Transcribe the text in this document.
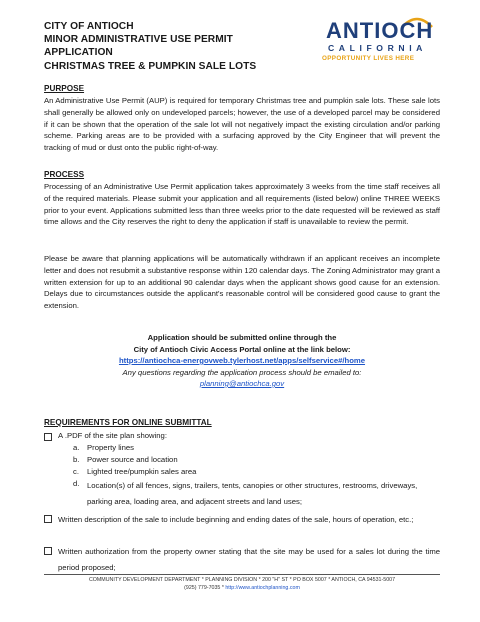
CITY OF ANTIOCH
MINOR ADMINISTRATIVE USE PERMIT APPLICATION
CHRISTMAS TREE & PUMPKIN SALE LOTS
ANTIOCH
CALIFORNIA
OPPORTUNITY LIVES HERE
PURPOSE
An Administrative Use Permit (AUP) is required for temporary Christmas tree and pumpkin sale lots. These sale lots shall generally be allowed only on undeveloped parcels; however, the use of a developed parcel may be considered if it can be shown that the operation of the sale lot will not negatively impact the existing circulation and/or parking scheme. Parking areas are to be provided with a surfacing approved by the City Engineer that will prevent the tracking of mud or dust onto the public right-of-way.
PROCESS
Processing of an Administrative Use Permit application takes approximately 3 weeks from the time staff receives all of the required materials. Please submit your application and all requirements (listed below) online THREE WEEKS prior to your event. Applications submitted less than three weeks prior to the date requested will be reviewed as staff time allows and the City reserves the right to deny the application if staff is unavailable to review the permit.
Please be aware that planning applications will be automatically withdrawn if an applicant receives an incomplete letter and does not resubmit a substantive response within 120 calendar days. The Zoning Administrator may grant a written extension for up to an additional 90 calendar days when the applicant shows good cause for an extension. Delays due to circumstances outside the applicant's reasonable control will be considered good cause to grant the extension.
Application should be submitted online through the
City of Antioch Civic Access Portal online at the link below:
https://antiochca-energovweb.tylerhost.net/apps/selfservice#/home
Any questions regarding the application process should be emailed to:
planning@antiochca.gov
REQUIREMENTS FOR ONLINE SUBMITTAL
A .PDF of the site plan showing:
a. Property lines
b. Power source and location
c. Lighted tree/pumpkin sales area
d. Location(s) of all fences, signs, trailers, tents, canopies or other structures, restrooms, driveways, parking area, loading area, and adjacent streets and land uses;
Written description of the sale to include beginning and ending dates of the sale, hours of operation, etc.;
Written authorization from the property owner stating that the site may be used for a sales lot during the time period proposed;
COMMUNITY DEVELOPMENT DEPARTMENT * PLANNING DIVISION * 200 "H" ST * PO BOX 5007 * ANTIOCH, CA 94531-5007
(925) 779-7035 * http://www.antiochplanning.com
